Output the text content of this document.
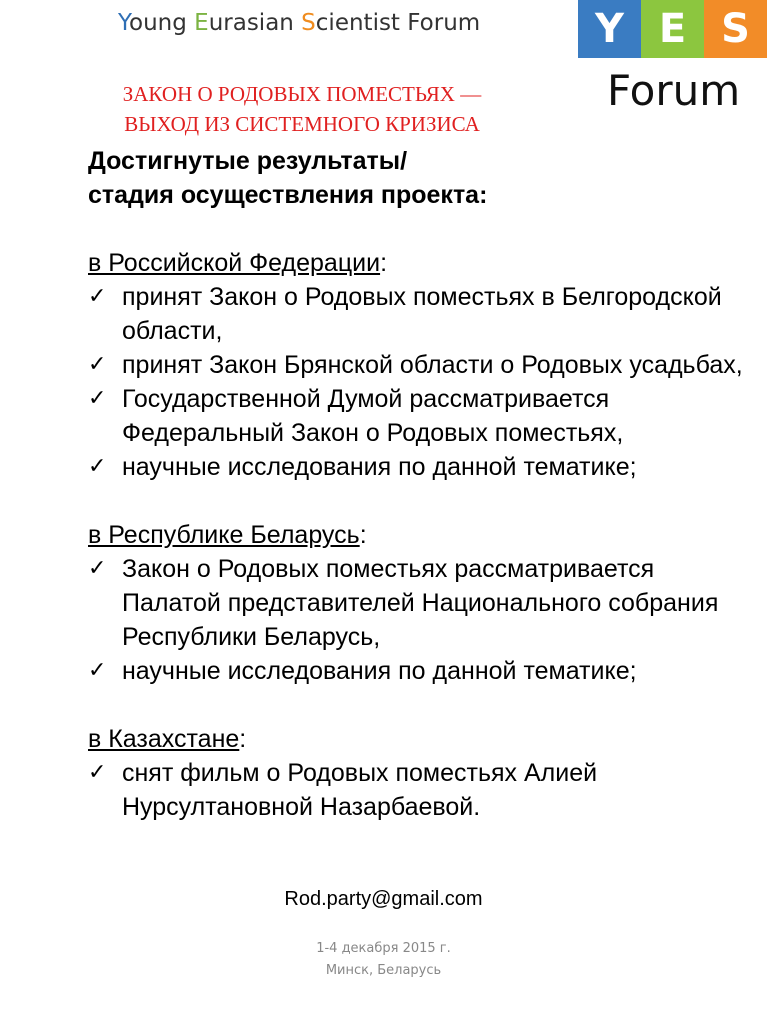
Young Eurasian Scientist Forum	Y E S
Forum
ЗАКОН О РОДОВЫХ ПОМЕСТЬЯХ —
ВЫХОД ИЗ СИСТЕМНОГО КРИЗИСА
Достигнутые результаты/
стадия осуществления проекта:
в Российской Федерации:
✓ принят Закон о Родовых поместьях в Белгородской области,
✓ принят Закон Брянской области о Родовых усадьбах,
✓ Государственной Думой рассматривается Федеральный Закон о Родовых поместьях,
✓ научные исследования по данной тематике;
в Республике Беларусь:
✓ Закон о Родовых поместьях рассматривается Палатой представителей Национального собрания Республики Беларусь,
✓ научные исследования по данной тематике;
в Казахстане:
✓ снят фильм о Родовых поместьях Алией Нурсултановной Назарбаевой.
Rod.party@gmail.com
1-4 декабря 2015 г.
Минск, Беларусь
